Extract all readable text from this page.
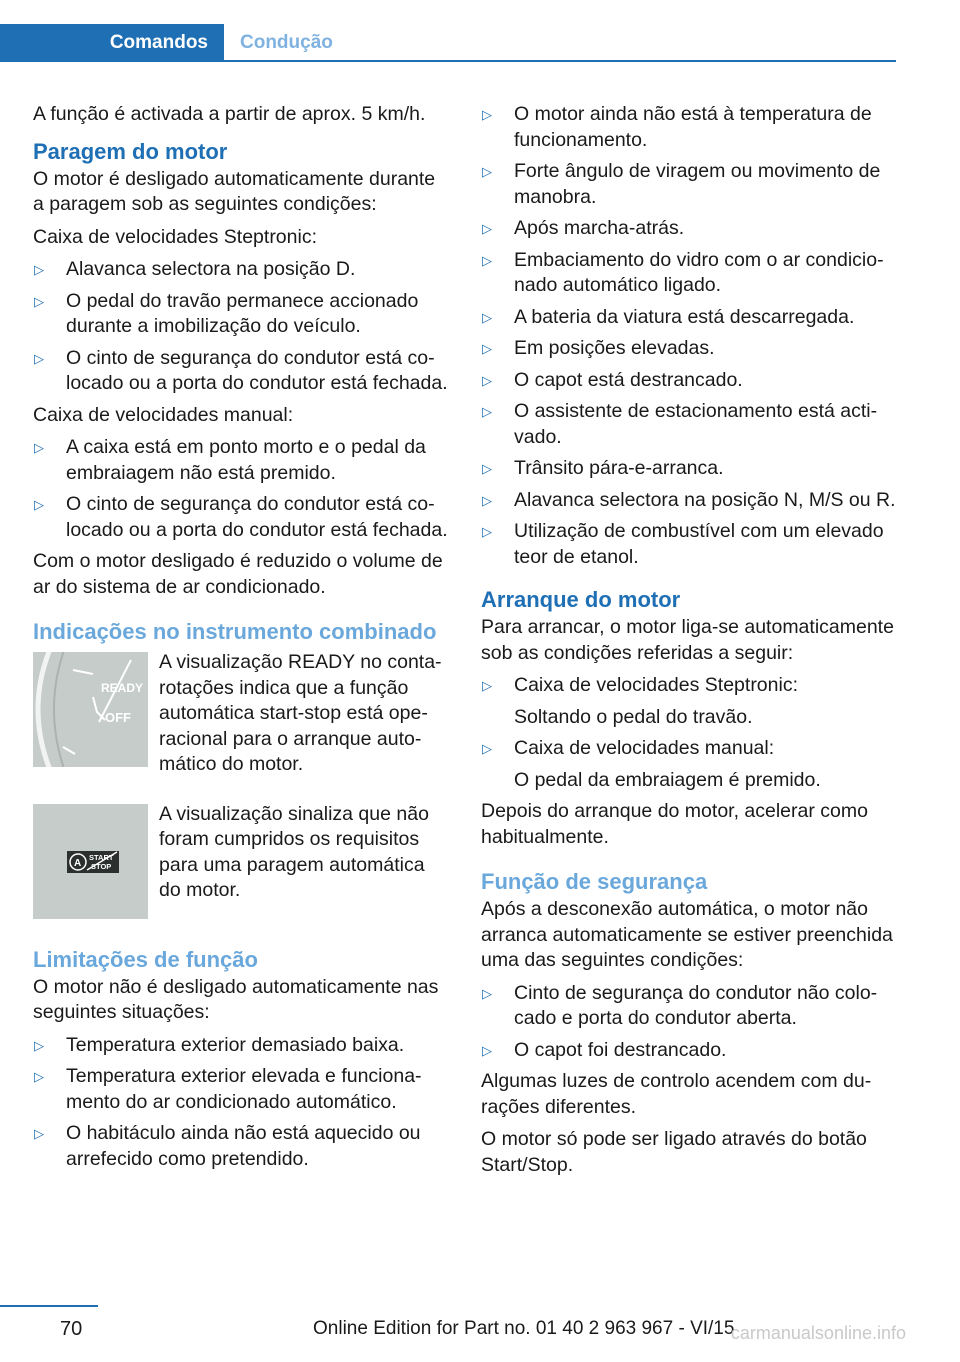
Comandos	Condução

A função é activada a partir de aprox. 5 km/h.

Paragem do motor

O motor é desligado automaticamente durante a paragem sob as seguintes condições:

Caixa de velocidades Steptronic:

▷ Alavanca selectora na posição D.
▷ O pedal do travão permanece accionado durante a imobilização do veículo.
▷ O cinto de segurança do condutor está colocado ou a porta do condutor está fechada.

Caixa de velocidades manual:

▷ A caixa está em ponto morto e o pedal da embraiagem não está premido.
▷ O cinto de segurança do condutor está colocado ou a porta do condutor está fechada.

Com o motor desligado é reduzido o volume de ar do sistema de ar condicionado.

Indicações no instrumento combinado
READY
OFF
A visualização READY no conta-rotações indica que a função automática start-stop está operacional para o arranque automático do motor.
A
START
STOP
A visualização sinaliza que não foram cumpridos os requisitos para uma paragem automática do motor.
Limitações de função

O motor não é desligado automaticamente nas seguintes situações:

▷ Temperatura exterior demasiado baixa.
▷ Temperatura exterior elevada e funcionamento do ar condicionado automático.
▷ O habitáculo ainda não está aquecido ou arrefecido como pretendido.
▷ O motor ainda não está à temperatura de funcionamento.
▷ Forte ângulo de viragem ou movimento de manobra.
▷ Após marcha-atrás.
▷ Embaciamento do vidro com o ar condicionado automático ligado.
▷ A bateria da viatura está descarregada.
▷ Em posições elevadas.
▷ O capot está destrancado.
▷ O assistente de estacionamento está activado.
▷ Trânsito pára-e-arranca.
▷ Alavanca selectora na posição N, M/S ou R.
▷ Utilização de combustível com um elevado teor de etanol.
Arranque do motor

Para arrancar, o motor liga-se automaticamente sob as condições referidas a seguir:

▷ Caixa de velocidades Steptronic:
Soltando o pedal do travão.
▷ Caixa de velocidades manual:
O pedal da embraiagem é premido.

Depois do arranque do motor, acelerar como habitualmente.

Função de segurança

Após a desconexão automática, o motor não arranca automaticamente se estiver preenchida uma das seguintes condições:

▷ Cinto de segurança do condutor não colocado e porta do condutor aberta.
▷ O capot foi destrancado.

Algumas luzes de controlo acendem com durações diferentes.

O motor só pode ser ligado através do botão Start/Stop.

70	Online Edition for Part no. 01 40 2 963 967 - VI/15
carmanualsonline.info
